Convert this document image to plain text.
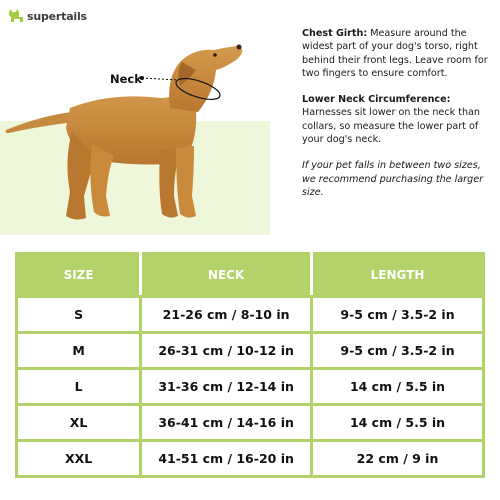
supertails
Neck

Chest Girth: Measure around the widest part of your dog's torso, right behind their front legs. Leave room for two fingers to ensure comfort.

Lower Neck Circumference:
Harnesses sit lower on the neck than collars, so measure the lower part of your dog's neck.

If your pet falls in between two sizes, we recommend purchasing the larger size.

SIZE	NECK	LENGTH
S	21-26 cm / 8-10 in	9-5 cm / 3.5-2 in
M	26-31 cm / 10-12 in	9-5 cm / 3.5-2 in
L	31-36 cm / 12-14 in	14 cm / 5.5 in
XL	36-41 cm / 14-16 in	14 cm / 5.5 in
XXL	41-51 cm / 16-20 in	22 cm / 9 in
